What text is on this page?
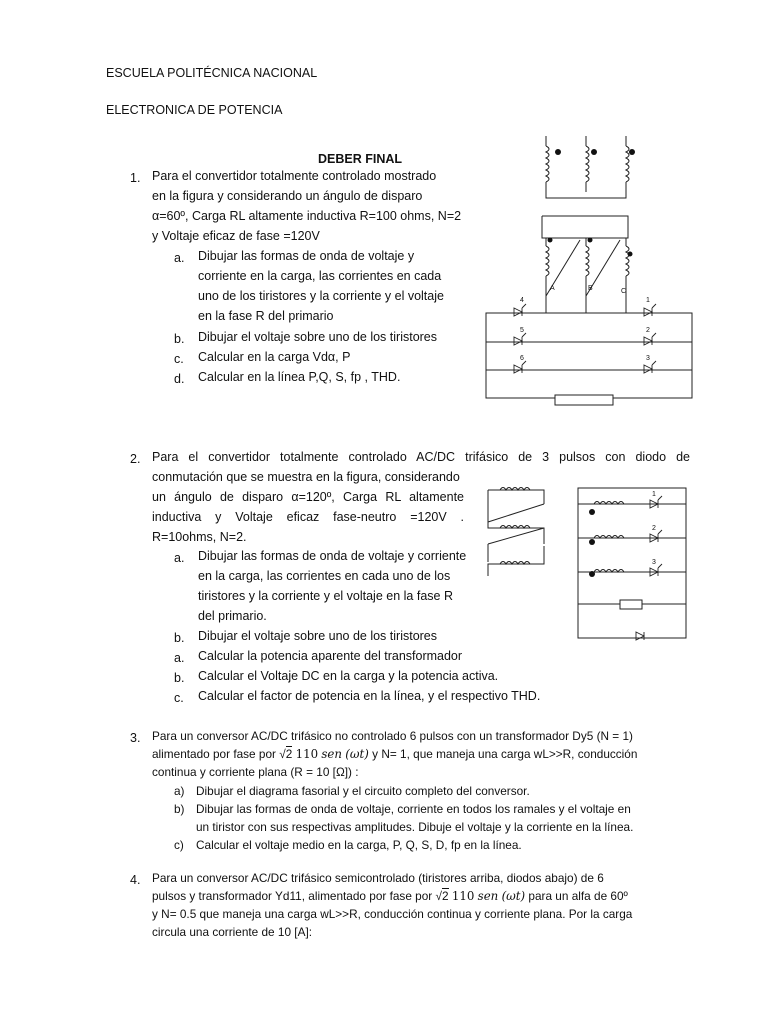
ESCUELA POLITÉCNICA NACIONAL
ELECTRONICA DE POTENCIA
DEBER FINAL
1. Para el convertidor totalmente controlado mostrado
en la figura y considerando un ángulo de disparo
α=60º, Carga RL altamente inductiva R=100 ohms, N=2
y Voltaje eficaz de fase =120V
a. Dibujar las formas de onda de voltaje y
corriente en la carga, las corrientes en cada
uno de los tiristores y la corriente y el voltaje
en la fase R del primario
b. Dibujar el voltaje sobre uno de los tiristores
c. Calcular en la carga Vdα, P
d. Calcular en la línea P,Q, S, fp , THD.
4
5
6
1
2
3
A	B	C
2. Para el convertidor totalmente controlado AC/DC trifásico de 3 pulsos con diodo de
conmutación que se muestra en la figura, considerando
un ángulo de disparo α=120º, Carga RL altamente
inductiva y Voltaje eficaz fase-neutro =120V .
R=10ohms, N=2.
a. Dibujar las formas de onda de voltaje y corriente
en la carga, las corrientes en cada uno de los
tiristores y la corriente y el voltaje en la fase R
del primario.
b. Dibujar el voltaje sobre uno de los tiristores
a. Calcular la potencia aparente del transformador
b. Calcular el Voltaje DC en la carga y la potencia activa.
c. Calcular el factor de potencia en la línea, y el respectivo THD.
1
2
3
3. Para un conversor AC/DC trifásico no controlado 6 pulsos con un transformador Dy5 (N = 1)
alimentado por fase por √2 110 sen (ωt) y N= 1, que maneja una carga wL>>R, conducción
continua y corriente plana (R = 10 [Ω]) :
a) Dibujar el diagrama fasorial y el circuito completo del conversor.
b) Dibujar las formas de onda de voltaje, corriente en todos los ramales y el voltaje en
un tiristor con sus respectivas amplitudes. Dibuje el voltaje y la corriente en la línea.
c) Calcular el voltaje medio en la carga, P, Q, S, D, fp en la línea.
4. Para un conversor AC/DC trifásico semicontrolado (tiristores arriba, diodos abajo) de 6
pulsos y transformador Yd11, alimentado por fase por √2 110 sen (ωt) para un alfa de 60º
y N= 0.5 que maneja una carga wL>>R, conducción continua y corriente plana. Por la carga
circula una corriente de 10 [A]:
